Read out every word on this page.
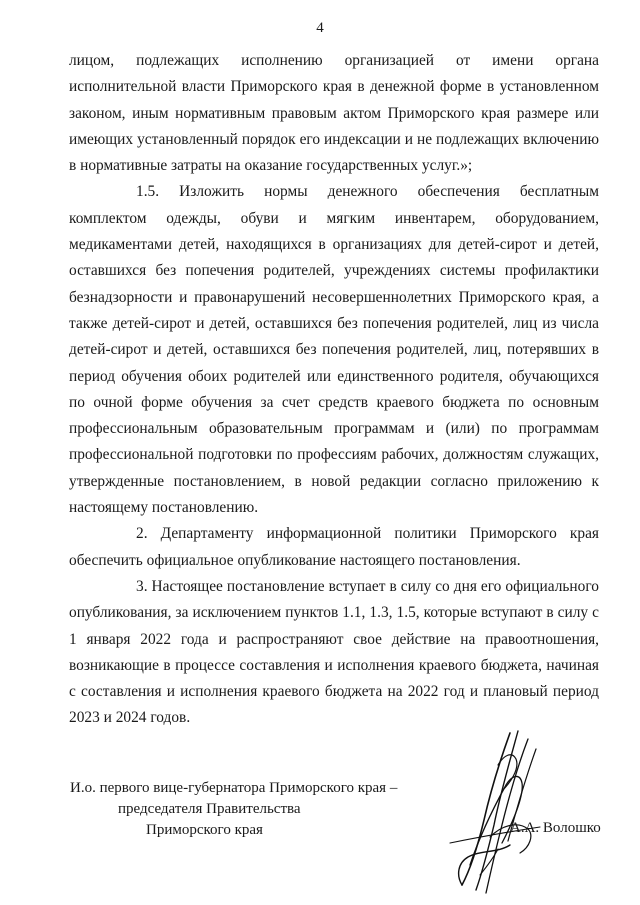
4

лицом, подлежащих исполнению организацией от имени органа исполнительной власти Приморского края в денежной форме в установленном законом, иным нормативным правовым актом Приморского края размере или имеющих установленный порядок его индексации и не подлежащих включению в нормативные затраты на оказание государственных услуг.»;

1.5. Изложить нормы денежного обеспечения бесплатным комплектом одежды, обуви и мягким инвентарем, оборудованием, медикаментами детей, находящихся в организациях для детей-сирот и детей, оставшихся без попечения родителей, учреждениях системы профилактики безнадзорности и правонарушений несовершеннолетних Приморского края, а также детей-сирот и детей, оставшихся без попечения родителей, лиц из числа детей-сирот и детей, оставшихся без попечения родителей, лиц, потерявших в период обучения обоих родителей или единственного родителя, обучающихся по очной форме обучения за счет средств краевого бюджета по основным профессиональным образовательным программам и (или) по программам профессиональной подготовки по профессиям рабочих, должностям служащих, утвержденные постановлением, в новой редакции согласно приложению к настоящему постановлению.

2. Департаменту информационной политики Приморского края обеспечить официальное опубликование настоящего постановления.

3. Настоящее постановление вступает в силу со дня его официального опубликования, за исключением пунктов 1.1, 1.3, 1.5, которые вступают в силу с 1 января 2022 года и распространяют свое действие на правоотношения, возникающие в процессе составления и исполнения краевого бюджета, начиная с составления и исполнения краевого бюджета на 2022 год и плановый период 2023 и 2024 годов.

И.о. первого вице-губернатора Приморского края –
председателя Правительства
Приморского края	А.А. Волошко
